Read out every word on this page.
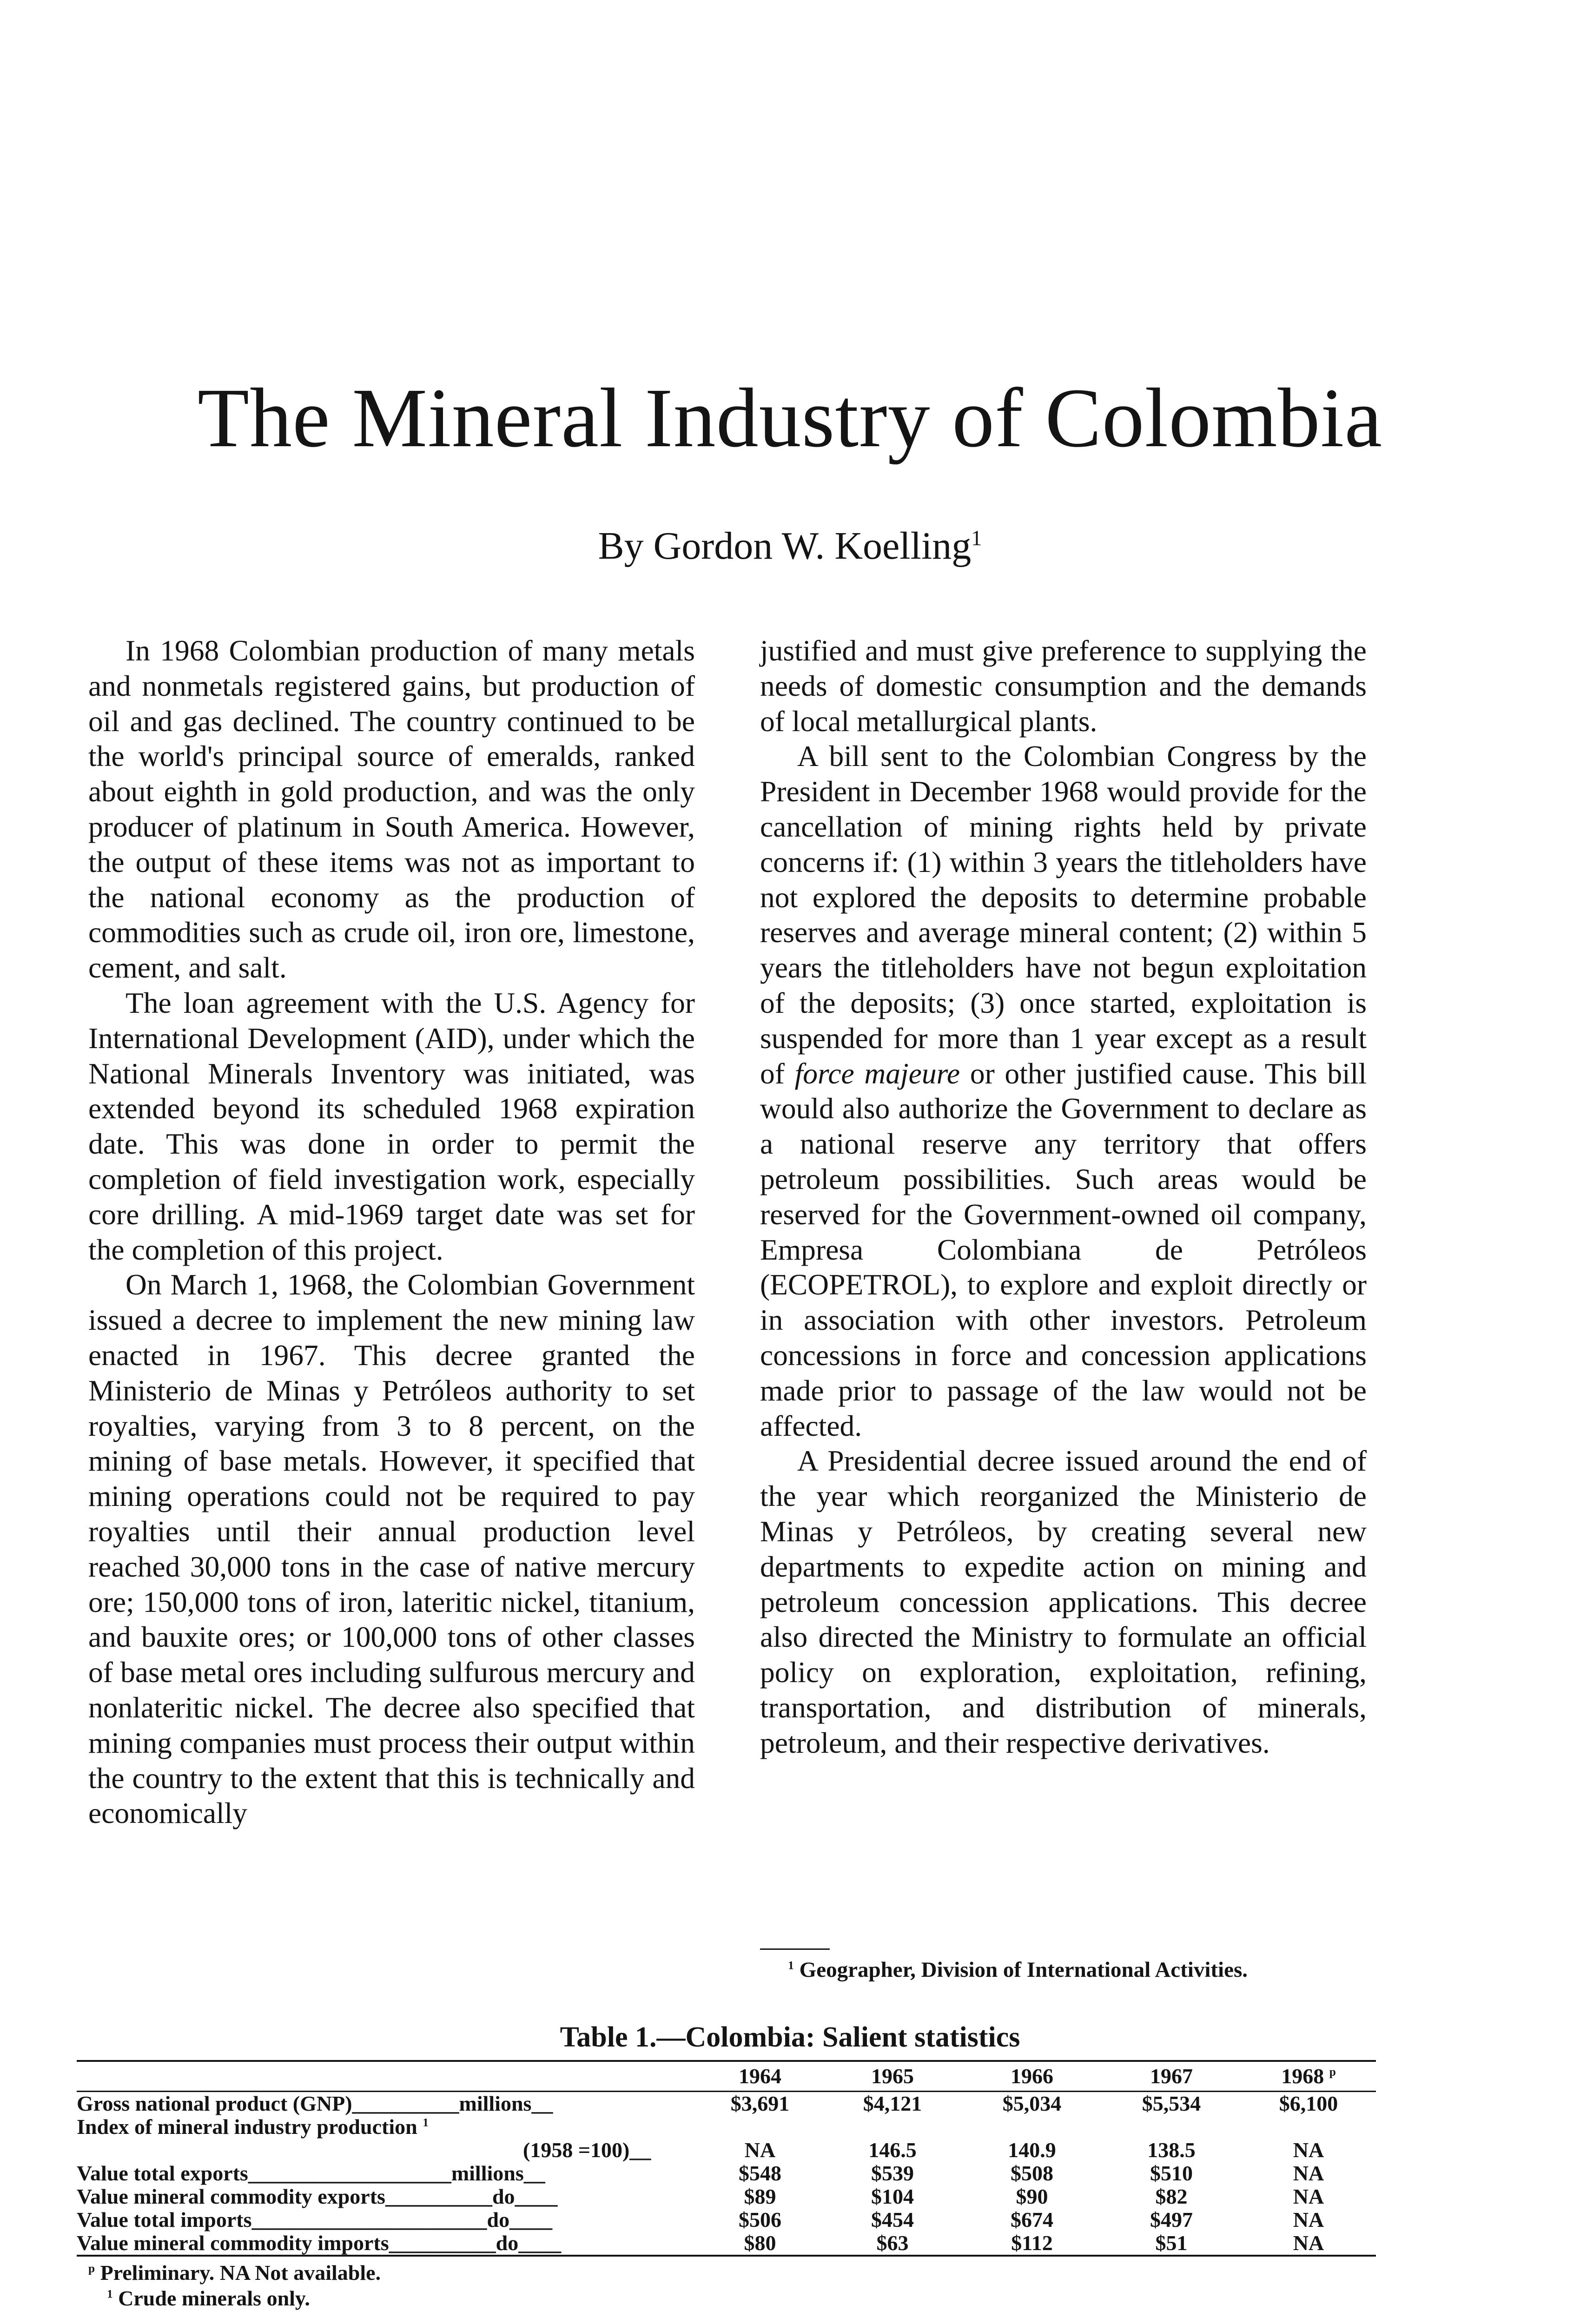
The Mineral Industry of Colombia
By Gordon W. Koelling$^1$

In 1968 Colombian production of many metals and nonmetals registered gains, but production of oil and gas declined. The country continued to be the world's principal source of emeralds, ranked about eighth in gold production, and was the only producer of platinum in South America. However, the output of these items was not as important to the national economy as the production of commodities such as crude oil, iron ore, limestone, cement, and salt.

The loan agreement with the U.S. Agency for International Development (AID), under which the National Minerals Inventory was initiated, was extended beyond its scheduled 1968 expiration date. This was done in order to permit the completion of field investigation work, especially core drilling. A mid-1969 target date was set for the completion of this project.

On March 1, 1968, the Colombian Government issued a decree to implement the new mining law enacted in 1967. This decree granted the Ministerio de Minas y Petróleos authority to set royalties, varying from 3 to 8 percent, on the mining of base metals. However, it specified that mining operations could not be required to pay royalties until their annual production level reached 30,000 tons in the case of native mercury ore; 150,000 tons of iron, lateritic nickel, titanium, and bauxite ores; or 100,000 tons of other classes of base metal ores including sulfurous mercury and nonlateritic nickel. The decree also specified that mining companies must process their output within the country to the extent that this is technically and economically

justified and must give preference to supplying the needs of domestic consumption and the demands of local metallurgical plants.

A bill sent to the Colombian Congress by the President in December 1968 would provide for the cancellation of mining rights held by private concerns if: (1) within 3 years the titleholders have not explored the deposits to determine probable reserves and average mineral content; (2) within 5 years the titleholders have not begun exploitation of the deposits; (3) once started, exploitation is suspended for more than 1 year except as a result of force majeure or other justified cause. This bill would also authorize the Government to declare as a national reserve any territory that offers petroleum possibilities. Such areas would be reserved for the Government-owned oil company, Empresa Colombiana de Petróleos (ECOPETROL), to explore and exploit directly or in association with other investors. Petroleum concessions in force and concession applications made prior to passage of the law would not be affected.

A Presidential decree issued around the end of the year which reorganized the Ministerio de Minas y Petróleos, by creating several new departments to expedite action on mining and petroleum concession applications. This decree also directed the Ministry to formulate an official policy on exploration, exploitation, refining, transportation, and distribution of minerals, petroleum, and their respective derivatives.

$^1$ Geographer, Division of International Activities.
Table 1.—Colombia: Salient statistics
	1964	1965	1966	1967	1968 $^p$
Gross national product (GNP)__________millions__	$3,691	$4,121	$5,034	$5,534	$6,100
Index of mineral industry production $^1$					
(1958 =100)__	NA	146.5	140.9	138.5	NA
Value total exports___________________millions__	$548	$539	$508	$510	NA
Value mineral commodity exports__________do____	$89	$104	$90	$82	NA
Value total imports______________________do____	$506	$454	$674	$497	NA
Value mineral commodity imports__________do____	$80	$63	$112	$51	NA
$^p$ Preliminary. NA Not available.
$^1$ Crude minerals only.
